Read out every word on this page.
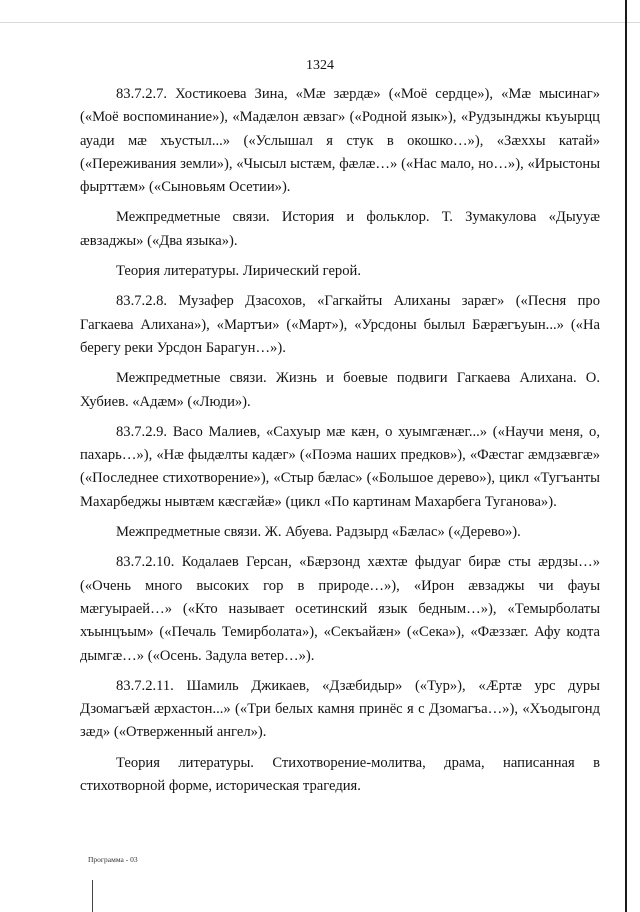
1324

83.7.2.7. Хостикоева Зина, «Мæ зæрдæ» («Моё сердце»), «Мæ мысинаг» («Моё воспоминание»), «Мадæлон æвзаг» («Родной язык»), «Рудзынджы къуырцц ауади мæ хъустыл...» («Услышал я стук в окошко…»), «Зæххы катай» («Переживания земли»), «Чысыл ыстæм, фæлæ…» («Нас мало, но…»), «Ирыстоны фырттæм» («Сыновьям Осетии»).

Межпредметные связи. История и фольклор. Т. Зумакулова «Дыууæ æвзаджы» («Два языка»).

Теория литературы. Лирический герой.

83.7.2.8. Музафер Дзасохов, «Гагкайты Алиханы зарæг» («Песня про Гагкаева Алихана»), «Мартъи» («Март»), «Урсдоны былыл Бæрæгъуын...» («На берегу реки Урсдон Барагун…»).

Межпредметные связи. Жизнь и боевые подвиги Гагкаева Алихана. О. Хубиев. «Адæм» («Люди»).

83.7.2.9. Васо Малиев, «Сахуыр мæ кæн, о хуымгæнæг...» («Научи меня, о, пахарь…»), «Нæ фыдæлты кадæг» («Поэма наших предков»), «Фæстаг æмдзæвгæ» («Последнее стихотворение»), «Стыр бæлас» («Большое дерево»), цикл «Тугъанты Махарбеджы нывтæм кæсгæйæ» (цикл «По картинам Махарбега Туганова»).

Межпредметные связи. Ж. Абуева. Радзырд «Бæлас» («Дерево»).

83.7.2.10. Кодалаев Герсан, «Бæрзонд хæхтæ фыдуаг бирæ сты æрдзы…» («Очень много высоких гор в природе…»), «Ирон æвзаджы чи фауы мæгуыраей…» («Кто называет осетинский язык бедным…»), «Темырболаты хъынцъым» («Печаль Темирболата»), «Секъайæн» («Сека»), «Фæззæг. Афу кодта дымгæ…» («Осень. Задула ветер…»).

83.7.2.11. Шамиль Джикаев, «Дзæбидыр» («Тур»), «Æртæ урс дуры Дзомагъæй æрхастон...» («Три белых камня принёс я с Дзомагъа…»), «Хъодыгонд зæд» («Отверженный ангел»).

Теория литературы. Стихотворение-молитва, драма, написанная в стихотворной форме, историческая трагедия.

Программа - 03
